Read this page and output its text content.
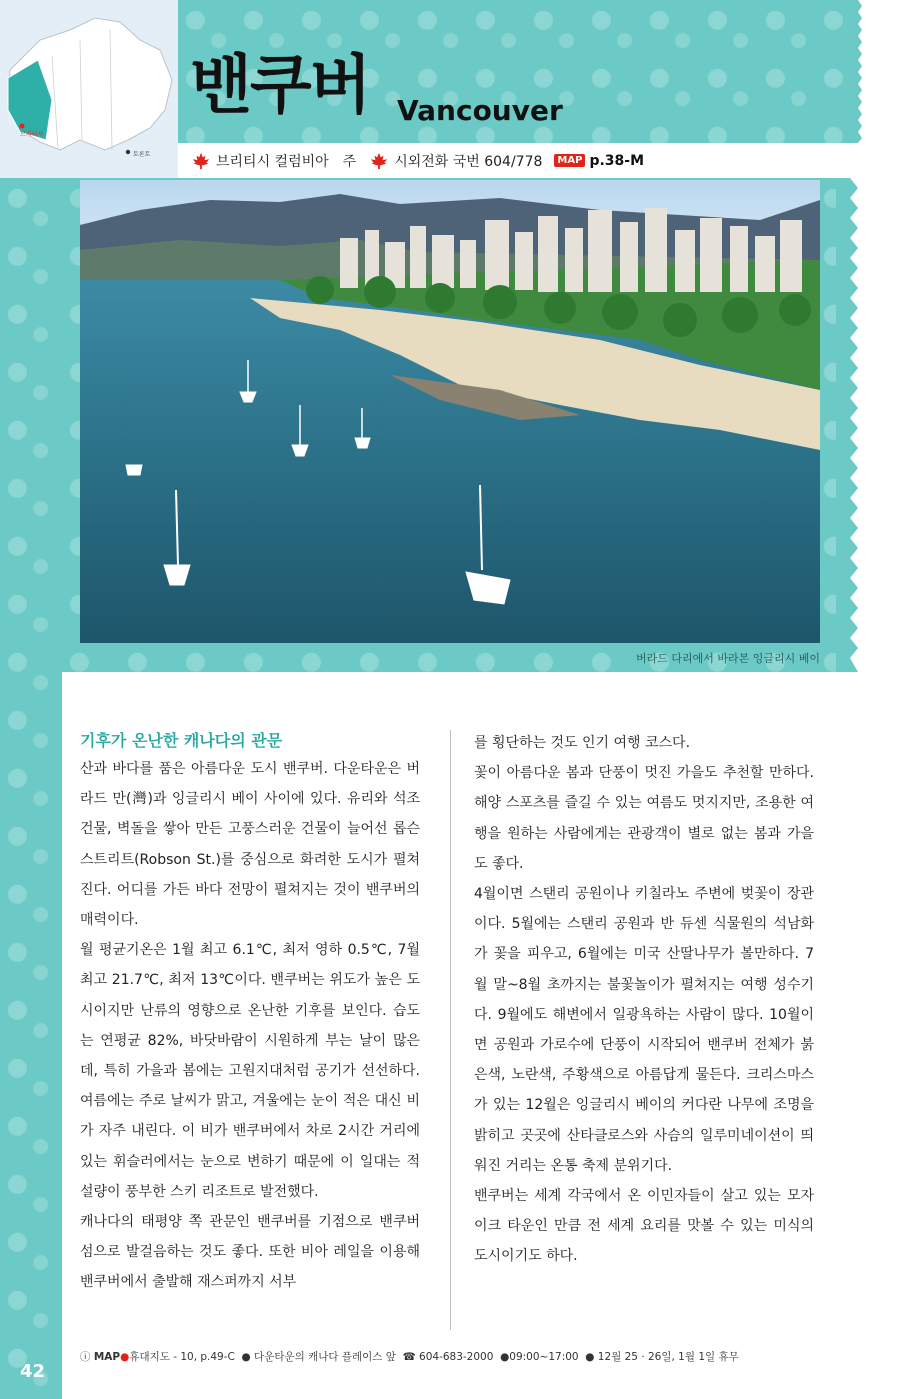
브리티시
토론토
밴쿠버 Vancouver
브리티시 컬럼비아 주	시외전화 국번 604/778	MAP p.38-M
버라드 다리에서 바라본 잉글리시 베이

기후가 온난한 캐나다의 관문

산과 바다를 품은 아름다운 도시 밴쿠버. 다운타운은 버라드 만(灣)과 잉글리시 베이 사이에 있다. 유리와 석조 건물, 벽돌을 쌓아 만든 고풍스러운 건물이 늘어선 롭슨 스트리트(Robson St.)를 중심으로 화려한 도시가 펼쳐진다. 어디를 가든 바다 전망이 펼쳐지는 것이 밴쿠버의 매력이다.

월 평균기온은 1월 최고 6.1℃, 최저 영하 0.5℃, 7월 최고 21.7℃, 최저 13℃이다. 밴쿠버는 위도가 높은 도시이지만 난류의 영향으로 온난한 기후를 보인다. 습도는 연평균 82%, 바닷바람이 시원하게 부는 날이 많은데, 특히 가을과 봄에는 고원지대처럼 공기가 선선하다. 여름에는 주로 날씨가 맑고, 겨울에는 눈이 적은 대신 비가 자주 내린다. 이 비가 밴쿠버에서 차로 2시간 거리에 있는 휘슬러에서는 눈으로 변하기 때문에 이 일대는 적설량이 풍부한 스키 리조트로 발전했다.

캐나다의 태평양 쪽 관문인 밴쿠버를 기점으로 밴쿠버 섬으로 발걸음하는 것도 좋다. 또한 비아 레일을 이용해 밴쿠버에서 출발해 재스퍼까지 서부

를 횡단하는 것도 인기 여행 코스다.

꽃이 아름다운 봄과 단풍이 멋진 가을도 추천할 만하다. 해양 스포츠를 즐길 수 있는 여름도 멋지지만, 조용한 여행을 원하는 사람에게는 관광객이 별로 없는 봄과 가을도 좋다.

4월이면 스탠리 공원이나 키칠라노 주변에 벚꽃이 장관이다. 5월에는 스탠리 공원과 반 듀센 식물원의 석남화가 꽃을 피우고, 6월에는 미국 산딸나무가 볼만하다. 7월 말~8월 초까지는 불꽃놀이가 펼쳐지는 여행 성수기다. 9월에도 해변에서 일광욕하는 사람이 많다. 10월이면 공원과 가로수에 단풍이 시작되어 밴쿠버 전체가 붉은색, 노란색, 주황색으로 아름답게 물든다. 크리스마스가 있는 12월은 잉글리시 베이의 커다란 나무에 조명을 밝히고 곳곳에 산타클로스와 사슴의 일루미네이션이 띄워진 거리는 온통 축제 분위기다.

밴쿠버는 세계 각국에서 온 이민자들이 살고 있는 모자이크 타운인 만큼 전 세계 요리를 맛볼 수 있는 미식의 도시이기도 하다.

ⓘ MAP●휴대지도 - 10, p.49-C  ● 다운타운의 캐나다 플레이스 앞 ☎ 604-683-2000 ●09:00~17:00  ● 12월 25 · 26일, 1월 1일 휴무
42
